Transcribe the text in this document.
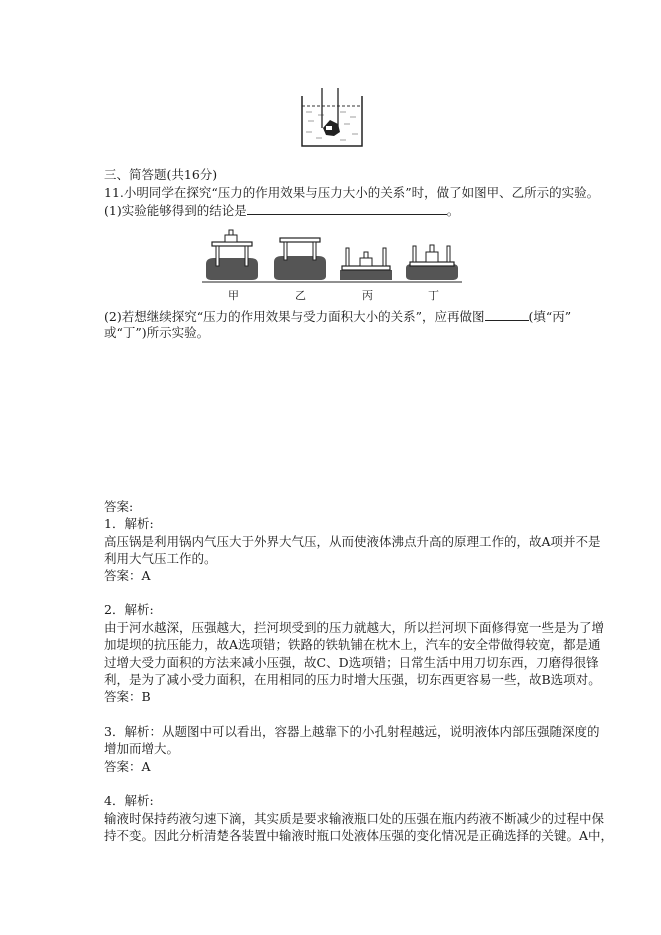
三、简答题(共16分)
11.小明同学在探究“压力的作用效果与压力大小的关系”时，做了如图甲、乙所示的实验。
(1)实验能够得到的结论是	。
甲	乙	丙	丁
(2)若想继续探究“压力的作用效果与受力面积大小的关系”，应再做图	(填“丙”
或“丁”)所示实验。
答案:
1．解析:
高压锅是利用锅内气压大于外界大气压，从而使液体沸点升高的原理工作的，故A项并不是
利用大气压工作的。
答案：A
2．解析:
由于河水越深，压强越大，拦河坝受到的压力就越大，所以拦河坝下面修得宽一些是为了增
加堤坝的抗压能力，故A选项错；铁路的铁轨铺在枕木上，汽车的安全带做得较宽，都是通
过增大受力面积的方法来减小压强，故C、D选项错；日常生活中用刀切东西，刀磨得很锋
利，是为了减小受力面积，在用相同的压力时增大压强，切东西更容易一些，故B选项对。
答案：B
3．解析：从题图中可以看出，容器上越靠下的小孔射程越远，说明液体内部压强随深度的
增加而增大。
答案：A
4．解析:
输液时保持药液匀速下滴，其实质是要求输液瓶口处的压强在瓶内药液不断减少的过程中保
持不变。因此分析清楚各装置中输液时瓶口处液体压强的变化情况是正确选择的关键。A中，
